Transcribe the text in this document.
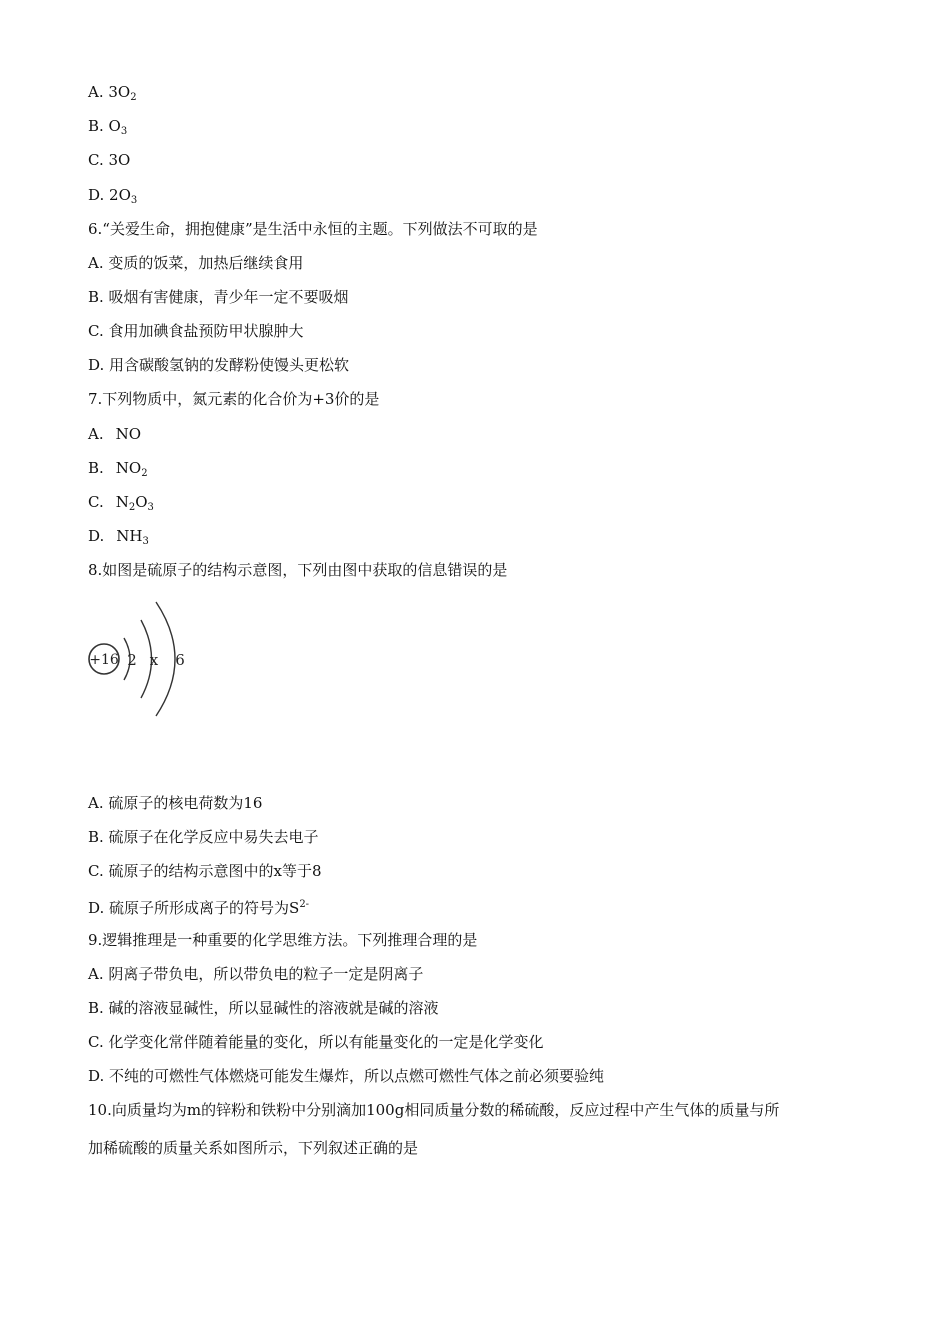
A. $3O_2$

B. $O_3$

C. 3O

D. $2O_3$

6.“关爱生命，拥抱健康”是生活中永恒的主题。下列做法不可取的是

A. 变质的饭菜，加热后继续食用

B. 吸烟有害健康，青少年一定不要吸烟

C. 食用加碘食盐预防甲状腺肿大

D. 用含碳酸氢钠的发酵粉使馒头更松软

7.下列物质中，氮元素的化合价为+3价的是

A. NO

B. $NO_2$

C. $N_2O_3$

D. $NH_3$

8.如图是硫原子的结构示意图，下列由图中获取的信息错误的是

+16 2 x 6

A. 硫原子的核电荷数为16

B. 硫原子在化学反应中易失去电子

C. 硫原子的结构示意图中的x等于8

D. 硫原子所形成离子的符号为$S^{2-}$

9.逻辑推理是一种重要的化学思维方法。下列推理合理的是

A. 阴离子带负电，所以带负电的粒子一定是阴离子

B. 碱的溶液显碱性，所以显碱性的溶液就是碱的溶液

C. 化学变化常伴随着能量的变化，所以有能量变化的一定是化学变化

D. 不纯的可燃性气体燃烧可能发生爆炸，所以点燃可燃性气体之前必须要验纯

10.向质量均为m的锌粉和铁粉中分别滴加100g相同质量分数的稀硫酸，反应过程中产生气体的质量与所

加稀硫酸的质量关系如图所示，下列叙述正确的是
